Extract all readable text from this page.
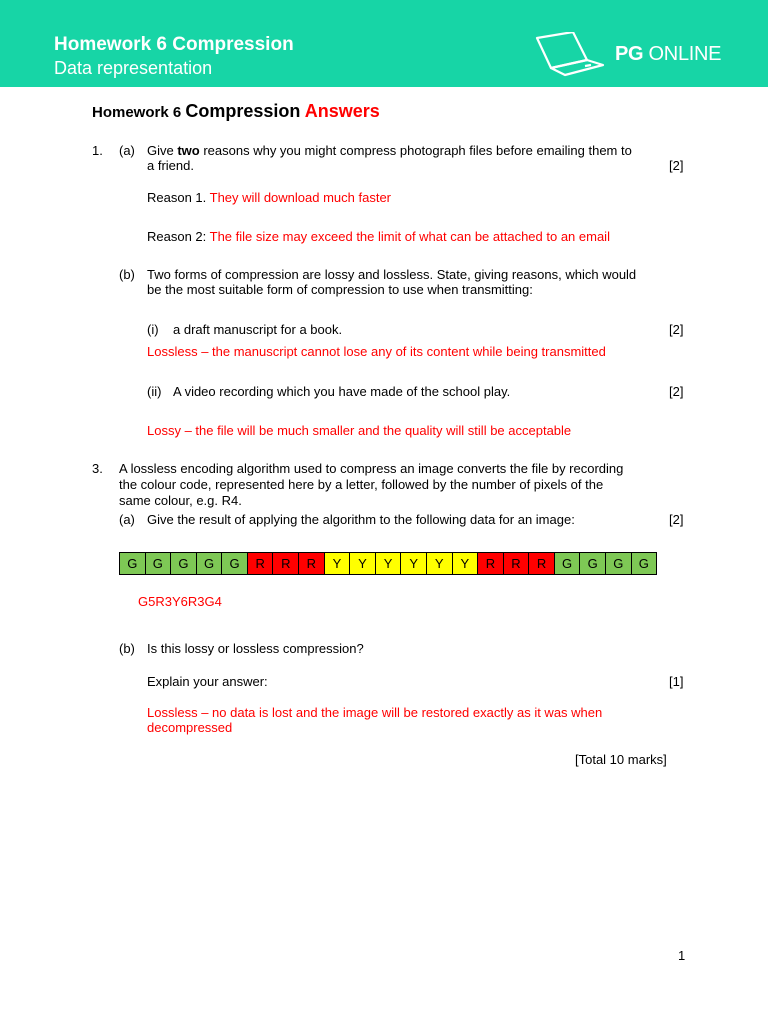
Homework 6 Compression
Data representation
PG ONLINE
Homework 6 Compression Answers
1. (a) Give two reasons why you might compress photograph files before emailing them to
a friend.	[2]
Reason 1. They will download much faster
Reason 2: The file size may exceed the limit of what can be attached to an email
(b) Two forms of compression are lossy and lossless. State, giving reasons, which would
be the most suitable form of compression to use when transmitting:
(i) a draft manuscript for a book.	[2]
Lossless – the manuscript cannot lose any of its content while being transmitted
(ii) A video recording which you have made of the school play.	[2]
Lossy – the file will be much smaller and the quality will still be acceptable
3. A lossless encoding algorithm used to compress an image converts the file by recording
the colour code, represented here by a letter, followed by the number of pixels of the
same colour, e.g. R4.
(a) Give the result of applying the algorithm to the following data for an image:	[2]
G	G	G	G	G	R	R	R	Y	Y	Y	Y	Y	Y	R	R	R	G	G	G	G
G5R3Y6R3G4
(b) Is this lossy or lossless compression?
Explain your answer:	[1]
Lossless – no data is lost and the image will be restored exactly as it was when
decompressed
[Total 10 marks]
1
